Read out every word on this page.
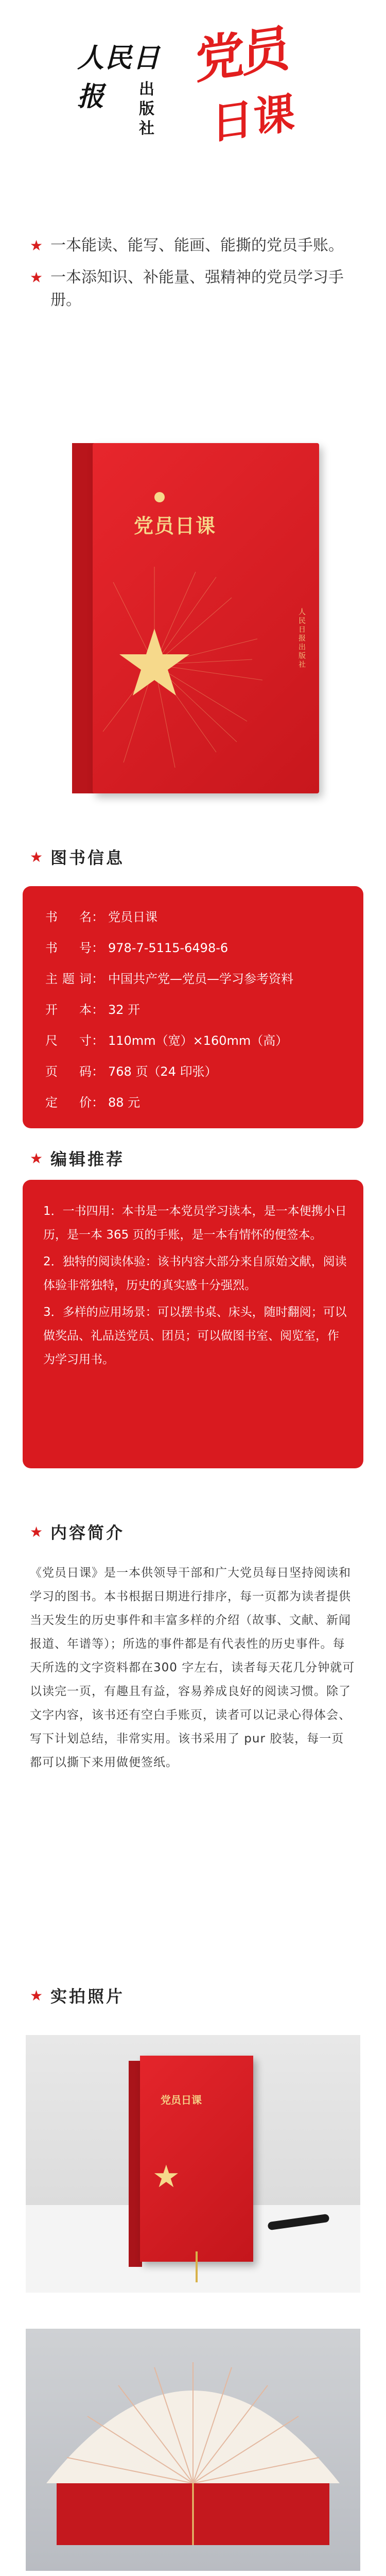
人民日报	出版
社
党员
日课
★ 一本能读、能写、能画、能撕的党员手账。
★ 一本添知识、补能量、强精神的党员学习手册。
党员日课
人民日报出版社
★ 图书信息
书名： 党员日课
书号： 978-7-5115-6498-6
主题词： 中国共产党—党员—学习参考资料
开本： 32 开
尺寸： 110mm（宽）×160mm（高）
页码： 768 页（24 印张）
定价： 88 元
★ 编辑推荐

1．一书四用：本书是一本党员学习读本，是一本便携小日历，是一本 365 页的手账，是一本有情怀的便签本。

2．独特的阅读体验：该书内容大部分来自原始文献，阅读体验非常独特，历史的真实感十分强烈。

3．多样的应用场景：可以摆书桌、床头，随时翻阅；可以做奖品、礼品送党员、团员；可以做图书室、阅览室，作为学习用书。

★ 内容简介
《党员日课》是一本供领导干部和广大党员每日坚持阅读和学习的图书。本书根据日期进行排序，每一页都为读者提供当天发生的历史事件和丰富多样的介绍（故事、文献、新闻报道、年谱等）；所选的事件都是有代表性的历史事件。每天所选的文字资料都在300 字左右，读者每天花几分钟就可以读完一页，有趣且有益，容易养成良好的阅读习惯。除了文字内容，该书还有空白手账页，读者可以记录心得体会、写下计划总结，非常实用。该书采用了 pur 胶装，每一页都可以撕下来用做便签纸。
★ 实拍照片
党员日课
★
